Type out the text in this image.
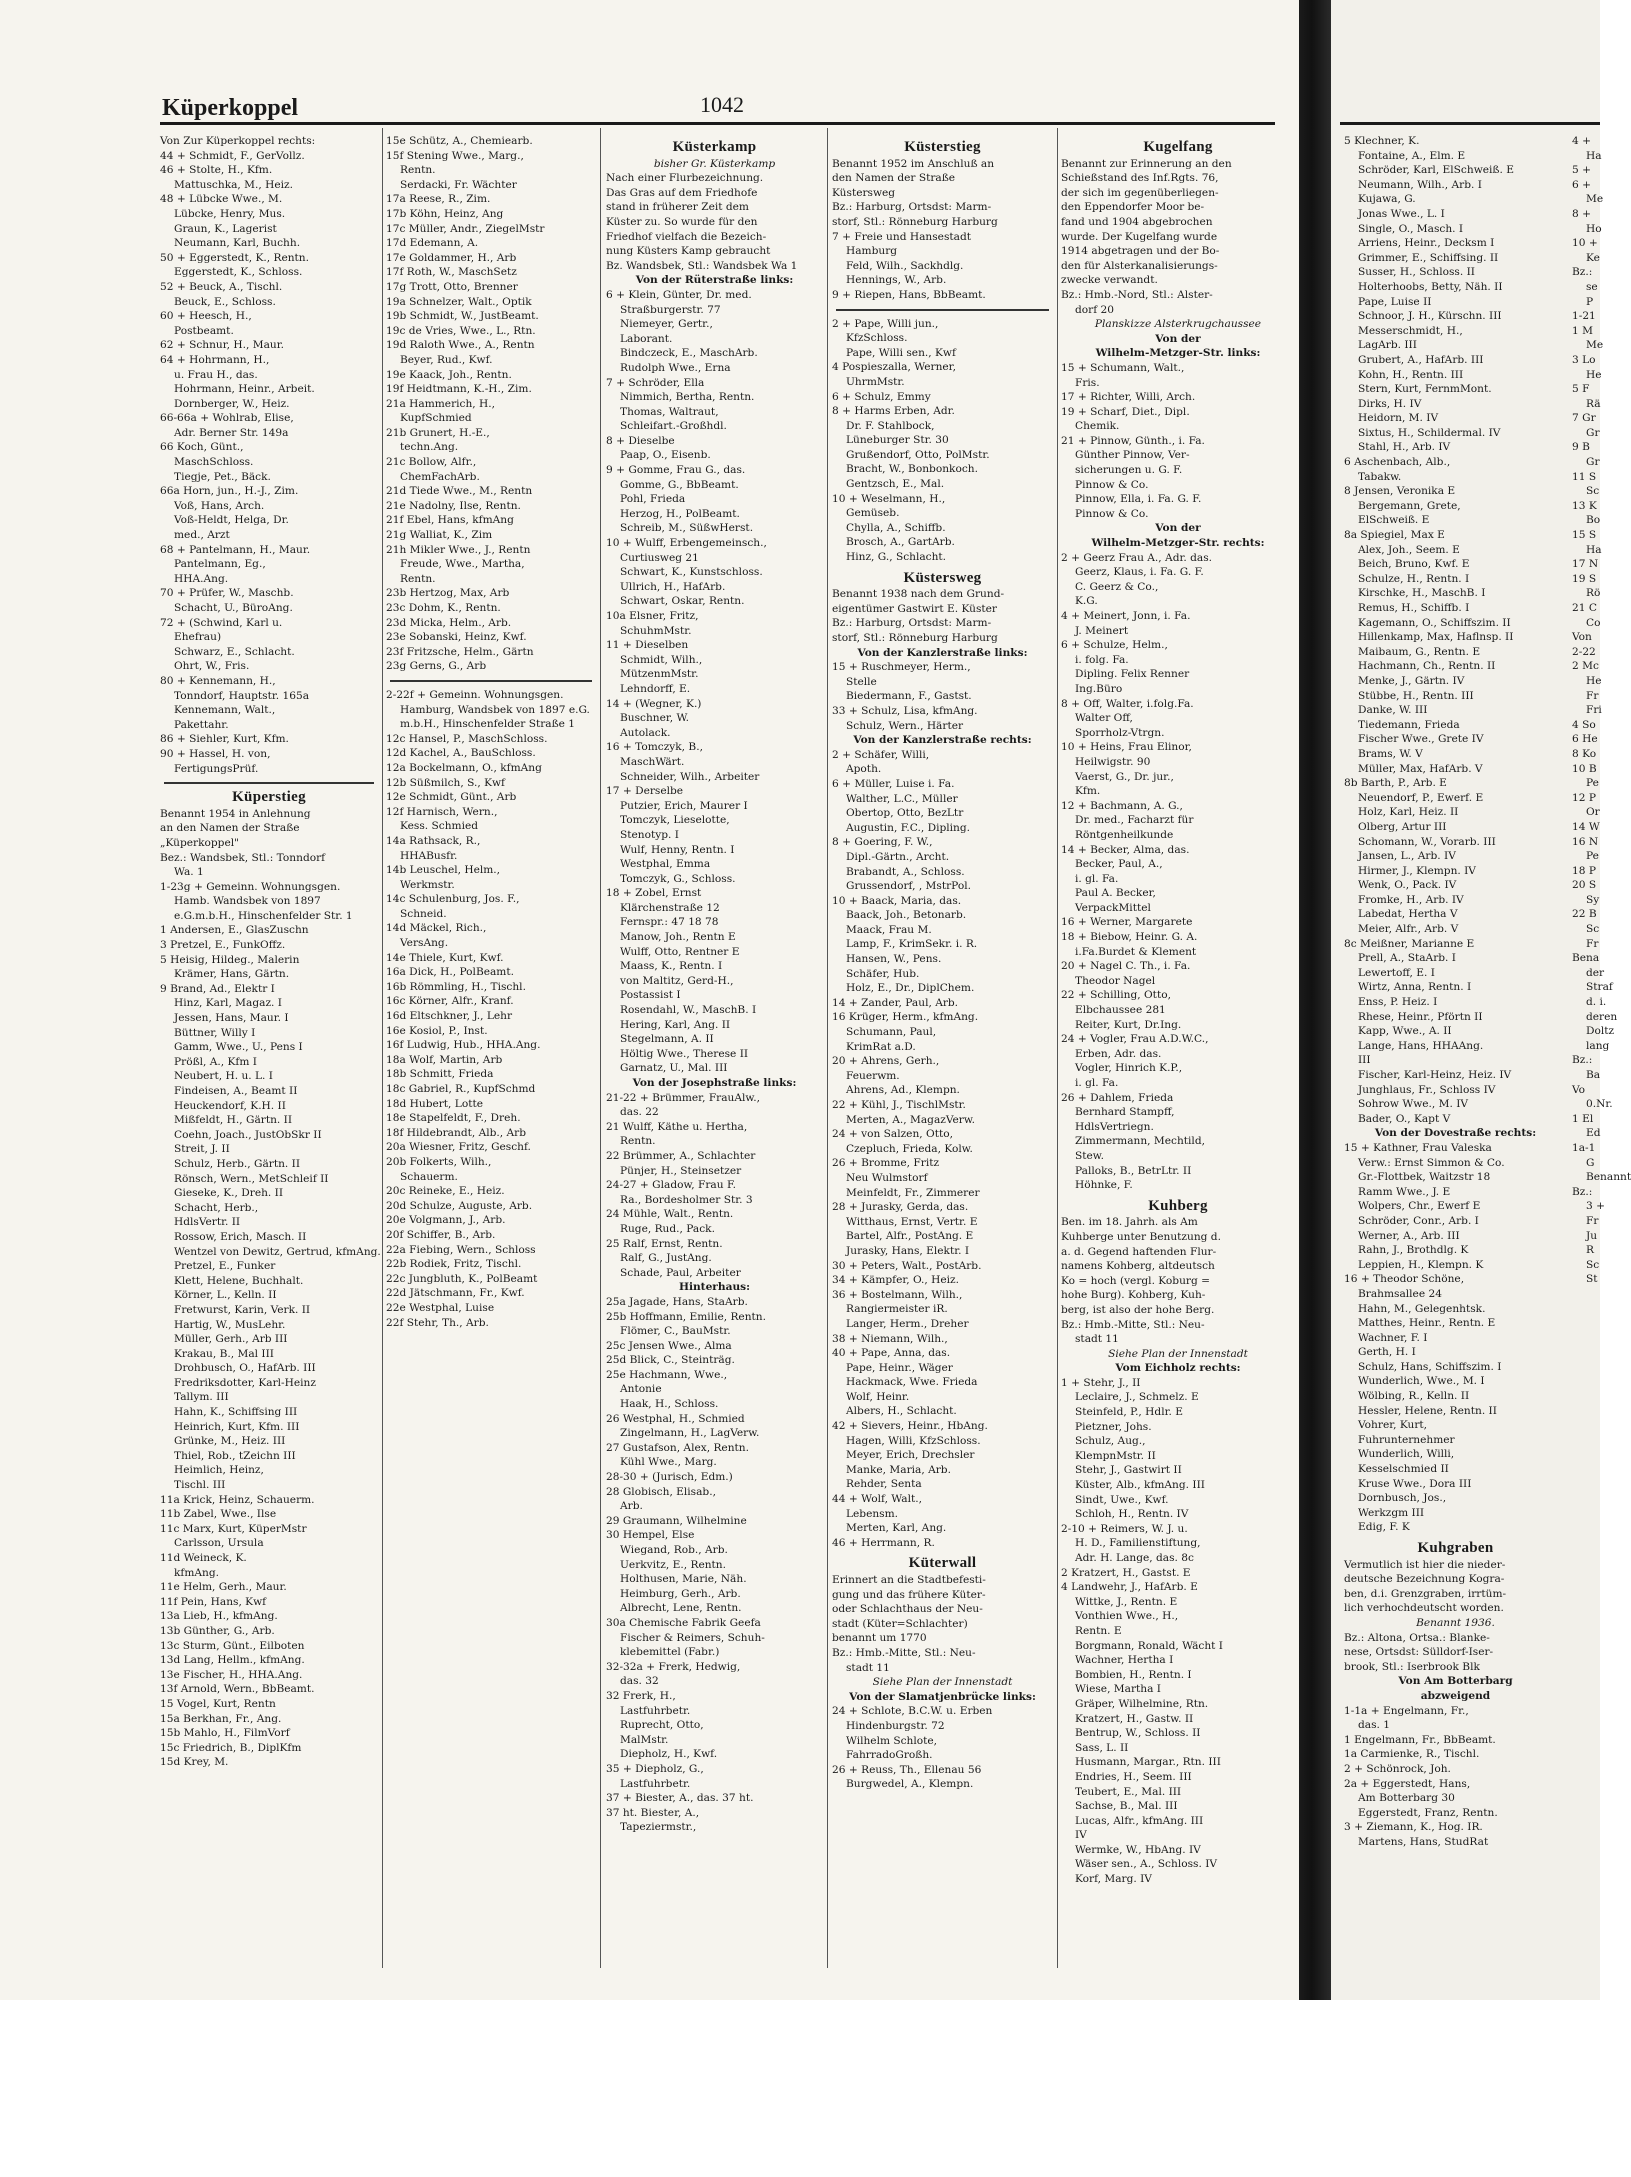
Küperkoppel	1042
Von Zur Küperkoppel rechts:
44 + Schmidt, F., GerVollz.
46 + Stolte, H., Kfm.
Mattuschka, M., Heiz.
48 + Lübcke Wwe., M.
Lübcke, Henry, Mus.
Graun, K., Lagerist
Neumann, Karl, Buchh.
50 + Eggerstedt, K., Rentn.
Eggerstedt, K., Schloss.
52 + Beuck, A., Tischl.
Beuck, E., Schloss.
60 + Heesch, H.,
Postbeamt.
62 + Schnur, H., Maur.
64 + Hohrmann, H.,
u. Frau H., das.
Hohrmann, Heinr., Arbeit.
Dornberger, W., Heiz.
66-66a + Wohlrab, Elise,
Adr. Berner Str. 149a
66 Koch, Günt.,
MaschSchloss.
Tiegje, Pet., Bäck.
66a Horn, jun., H.-J., Zim.
Voß, Hans, Arch.
Voß-Heldt, Helga, Dr.
med., Arzt
68 + Pantelmann, H., Maur.
Pantelmann, Eg.,
HHA.Ang.
70 + Prüfer, W., Maschb.
Schacht, U., BüroAng.
72 + (Schwind, Karl u.
Ehefrau)
Schwarz, E., Schlacht.
Ohrt, W., Fris.
80 + Kennemann, H.,
Tonndorf, Hauptstr. 165a
Kennemann, Walt.,
Pakettahr.
86 + Siehler, Kurt, Kfm.
90 + Hassel, H. von,
FertigungsPrüf.
Küperstieg
Benannt 1954 in Anlehnung
an den Namen der Straße
„Küperkoppel"
Bez.: Wandsbek, Stl.: Tonndorf
Wa. 1
1-23g + Gemeinn. Wohnungsgen.
Hamb. Wandsbek von 1897
e.G.m.b.H., Hinschenfelder Str. 1
1 Andersen, E., GlasZuschn
3 Pretzel, E., FunkOffz.
5 Heisig, Hildeg., Malerin
Krämer, Hans, Gärtn.
9 Brand, Ad., Elektr I
Hinz, Karl, Magaz. I
Jessen, Hans, Maur. I
Büttner, Willy I
Gamm, Wwe., U., Pens I
Prößl, A., Kfm I
Neubert, H. u. L. I
Findeisen, A., Beamt II
Heuckendorf, K.H. II
Mißfeldt, H., Gärtn. II
Coehn, Joach., JustObSkr II
Streit, J. II
Schulz, Herb., Gärtn. II
Rönsch, Wern., MetSchleif II
Gieseke, K., Dreh. II
Schacht, Herb.,
HdlsVertr. II
Rossow, Erich, Masch. II
Wentzel von Dewitz, Gertrud, kfmAng.
Pretzel, E., Funker
Klett, Helene, Buchhalt.
Körner, L., Kelln. II
Fretwurst, Karin, Verk. II
Hartig, W., MusLehr.
Müller, Gerh., Arb III
Krakau, B., Mal III
Drohbusch, O., HafArb. III
Fredriksdotter, Karl-Heinz
Tallym. III
Hahn, K., Schiffsing III
Heinrich, Kurt, Kfm. III
Grünke, M., Heiz. III
Thiel, Rob., tZeichn III
Heimlich, Heinz,
Tischl. III
11a Krick, Heinz, Schauerm.
11b Zabel, Wwe., Ilse
11c Marx, Kurt, KüperMstr
Carlsson, Ursula
11d Weineck, K.
kfmAng.
11e Helm, Gerh., Maur.
11f Pein, Hans, Kwf
13a Lieb, H., kfmAng.
13b Günther, G., Arb.
13c Sturm, Günt., Eilboten
13d Lang, Hellm., kfmAng.
13e Fischer, H., HHA.Ang.
13f Arnold, Wern., BbBeamt.
15 Vogel, Kurt, Rentn
15a Berkhan, Fr., Ang.
15b Mahlo, H., FilmVorf
15c Friedrich, B., DiplKfm
15d Krey, M.
15e Schütz, A., Chemiearb.
15f Stening Wwe., Marg.,
Rentn.
Serdacki, Fr. Wächter
17a Reese, R., Zim.
17b Köhn, Heinz, Ang
17c Müller, Andr., ZiegelMstr
17d Edemann, A.
17e Goldammer, H., Arb
17f Roth, W., MaschSetz
17g Trott, Otto, Brenner
19a Schnelzer, Walt., Optik
19b Schmidt, W., JustBeamt.
19c de Vries, Wwe., L., Rtn.
19d Raloth Wwe., A., Rentn
Beyer, Rud., Kwf.
19e Kaack, Joh., Rentn.
19f Heidtmann, K.-H., Zim.
21a Hammerich, H.,
KupfSchmied
21b Grunert, H.-E.,
techn.Ang.
21c Bollow, Alfr.,
ChemFachArb.
21d Tiede Wwe., M., Rentn
21e Nadolny, Ilse, Rentn.
21f Ebel, Hans, kfmAng
21g Walliat, K., Zim
21h Mikler Wwe., J., Rentn
Freude, Wwe., Martha,
Rentn.
23b Hertzog, Max, Arb
23c Dohm, K., Rentn.
23d Micka, Helm., Arb.
23e Sobanski, Heinz, Kwf.
23f Fritzsche, Helm., Gärtn
23g Gerns, G., Arb
2-22f + Gemeinn. Wohnungsgen.
Hamburg, Wandsbek von 1897 e.G.
m.b.H., Hinschenfelder Straße 1
12c Hansel, P., MaschSchloss.
12d Kachel, A., BauSchloss.
12a Bockelmann, O., kfmAng
12b Süßmilch, S., Kwf
12e Schmidt, Günt., Arb
12f Harnisch, Wern.,
Kess. Schmied
14a Rathsack, R.,
HHABusfr.
14b Leuschel, Helm.,
Werkmstr.
14c Schulenburg, Jos. F.,
Schneid.
14d Mäckel, Rich.,
VersAng.
14e Thiele, Kurt, Kwf.
16a Dick, H., PolBeamt.
16b Römmling, H., Tischl.
16c Körner, Alfr., Kranf.
16d Eltschkner, J., Lehr
16e Kosiol, P., Inst.
16f Ludwig, Hub., HHA.Ang.
18a Wolf, Martin, Arb
18b Schmitt, Frieda
18c Gabriel, R., KupfSchmd
18d Hubert, Lotte
18e Stapelfeldt, F., Dreh.
18f Hildebrandt, Alb., Arb
20a Wiesner, Fritz, Geschf.
20b Folkerts, Wilh.,
Schauerm.
20c Reineke, E., Heiz.
20d Schulze, Auguste, Arb.
20e Volgmann, J., Arb.
20f Schiffer, B., Arb.
22a Fiebing, Wern., Schloss
22b Rodiek, Fritz, Tischl.
22c Jungbluth, K., PolBeamt
22d Jätschmann, Fr., Kwf.
22e Westphal, Luise
22f Stehr, Th., Arb.
Küsterkamp
bisher Gr. Küsterkamp
Nach einer Flurbezeichnung.
Das Gras auf dem Friedhofe
stand in früherer Zeit dem
Küster zu. So wurde für den
Friedhof vielfach die Bezeich-
nung Küsters Kamp gebraucht
Bz. Wandsbek, Stl.: Wandsbek Wa 1
Von der Rüterstraße links:
6 + Klein, Günter, Dr. med.
Straßburgerstr. 77
Niemeyer, Gertr.,
Laborant.
Bindczeck, E., MaschArb.
Rudolph Wwe., Erna
7 + Schröder, Ella
Nimmich, Bertha, Rentn.
Thomas, Waltraut,
Schleifart.-Großhdl.
8 + Dieselbe
Paap, O., Eisenb.
9 + Gomme, Frau G., das.
Gomme, G., BbBeamt.
Pohl, Frieda
Herzog, H., PolBeamt.
Schreib, M., SüßwHerst.
10 + Wulff, Erbengemeinsch.,
Curtiusweg 21
Schwart, K., Kunstschloss.
Ullrich, H., HafArb.
Schwart, Oskar, Rentn.
10a Elsner, Fritz,
SchuhmMstr.
11 + Dieselben
Schmidt, Wilh.,
MützenmMstr.
Lehndorff, E.
14 + (Wegner, K.)
Buschner, W.
Autolack.
16 + Tomczyk, B.,
MaschWärt.
Schneider, Wilh., Arbeiter
17 + Derselbe
Putzier, Erich, Maurer I
Tomczyk, Lieselotte,
Stenotyp. I
Wulf, Henny, Rentn. I
Westphal, Emma
Tomczyk, G., Schloss.
18 + Zobel, Ernst
Klärchenstraße 12
Fernspr.: 47 18 78
Manow, Joh., Rentn E
Wulff, Otto, Rentner E
Maass, K., Rentn. I
von Maltitz, Gerd-H.,
Postassist I
Rosendahl, W., MaschB. I
Hering, Karl, Ang. II
Stegelmann, A. II
Höltig Wwe., Therese II
Garnatz, U., Mal. III
Von der Josephstraße links:
21-22 + Brümmer, FrauAlw.,
das. 22
21 Wulff, Käthe u. Hertha,
Rentn.
22 Brümmer, A., Schlachter
Pünjer, H., Steinsetzer
24-27 + Gladow, Frau F.
Ra., Bordesholmer Str. 3
24 Mühle, Walt., Rentn.
Ruge, Rud., Pack.
25 Ralf, Ernst, Rentn.
Ralf, G., JustAng.
Schade, Paul, Arbeiter
Hinterhaus:
25a Jagade, Hans, StaArb.
25b Hoffmann, Emilie, Rentn.
Flömer, C., BauMstr.
25c Jensen Wwe., Alma
25d Blick, C., Steinträg.
25e Hachmann, Wwe.,
Antonie
Haak, H., Schloss.
26 Westphal, H., Schmied
Zingelmann, H., LagVerw.
27 Gustafson, Alex, Rentn.
Kühl Wwe., Marg.
28-30 + (Jurisch, Edm.)
28 Globisch, Elisab.,
Arb.
29 Graumann, Wilhelmine
30 Hempel, Else
Wiegand, Rob., Arb.
Uerkvitz, E., Rentn.
Holthusen, Marie, Näh.
Heimburg, Gerh., Arb.
Albrecht, Lene, Rentn.
30a Chemische Fabrik Geefa
Fischer & Reimers, Schuh-
klebemittel (Fabr.)
32-32a + Frerk, Hedwig,
das. 32
32 Frerk, H.,
Lastfuhrbetr.
Ruprecht, Otto,
MalMstr.
Diepholz, H., Kwf.
35 + Diepholz, G.,
Lastfuhrbetr.
37 + Biester, A., das. 37 ht.
37 ht. Biester, A.,
Tapeziermstr.,
Küsterstieg
Benannt 1952 im Anschluß an
den Namen der Straße
Küstersweg
Bz.: Harburg, Ortsdst: Marm-
storf, Stl.: Rönneburg Harburg
7 + Freie und Hansestadt
Hamburg
Feld, Wilh., Sackhdlg.
Hennings, W., Arb.
9 + Riepen, Hans, BbBeamt.
2 + Pape, Willi jun.,
KfzSchloss.
Pape, Willi sen., Kwf
4 Pospieszalla, Werner,
UhrmMstr.
6 + Schulz, Emmy
8 + Harms Erben, Adr.
Dr. F. Stahlbock,
Lüneburger Str. 30
Grußendorf, Otto, PolMstr.
Bracht, W., Bonbonkoch.
Gentzsch, E., Mal.
10 + Weselmann, H.,
Gemüseb.
Chylla, A., Schiffb.
Brosch, A., GartArb.
Hinz, G., Schlacht.
Küstersweg
Benannt 1938 nach dem Grund-
eigentümer Gastwirt E. Küster
Bz.: Harburg, Ortsdst: Marm-
storf, Stl.: Rönneburg Harburg
Von der Kanzlerstraße links:
15 + Ruschmeyer, Herm.,
Stelle
Biedermann, F., Gastst.
33 + Schulz, Lisa, kfmAng.
Schulz, Wern., Härter
Von der Kanzlerstraße rechts:
2 + Schäfer, Willi,
Apoth.
6 + Müller, Luise i. Fa.
Walther, L.C., Müller
Obertop, Otto, BezLtr
Augustin, F.C., Dipling.
8 + Goering, F. W.,
Dipl.-Gärtn., Archt.
Brabandt, A., Schloss.
Grussendorf, , MstrPol.
10 + Baack, Maria, das.
Baack, Joh., Betonarb.
Maack, Frau M.
Lamp, F., KrimSekr. i. R.
Hansen, W., Pens.
Schäfer, Hub.
Holz, E., Dr., DiplChem.
14 + Zander, Paul, Arb.
16 Krüger, Herm., kfmAng.
Schumann, Paul,
KrimRat a.D.
20 + Ahrens, Gerh.,
Feuerwm.
Ahrens, Ad., Klempn.
22 + Kühl, J., TischlMstr.
Merten, A., MagazVerw.
24 + von Salzen, Otto,
Czepluch, Frieda, Kolw.
26 + Bromme, Fritz
Neu Wulmstorf
Meinfeldt, Fr., Zimmerer
28 + Jurasky, Gerda, das.
Witthaus, Ernst, Vertr. E
Bartel, Alfr., PostAng. E
Jurasky, Hans, Elektr. I
30 + Peters, Walt., PostArb.
34 + Kämpfer, O., Heiz.
36 + Bostelmann, Wilh.,
Rangiermeister iR.
Langer, Herm., Dreher
38 + Niemann, Wilh.,
40 + Pape, Anna, das.
Pape, Heinr., Wäger
Hackmack, Wwe. Frieda
Wolf, Heinr.
Albers, H., Schlacht.
42 + Sievers, Heinr., HbAng.
Hagen, Willi, KfzSchloss.
Meyer, Erich, Drechsler
Manke, Maria, Arb.
Rehder, Senta
44 + Wolf, Walt.,
Lebensm.
Merten, Karl, Ang.
46 + Herrmann, R.
Küterwall
Erinnert an die Stadtbefesti-
gung und das frühere Küter-
oder Schlachthaus der Neu-
stadt (Küter=Schlachter)
benannt um 1770
Bz.: Hmb.-Mitte, Stl.: Neu-
stadt 11
Siehe Plan der Innenstadt
Von der Slamatjenbrücke links:
24 + Schlote, B.C.W. u. Erben
Hindenburgstr. 72
Wilhelm Schlote,
FahrradoGroßh.
26 + Reuss, Th., Ellenau 56
Burgwedel, A., Klempn.
Kugelfang
Benannt zur Erinnerung an den
Schießstand des Inf.Rgts. 76,
der sich im gegenüberliegen-
den Eppendorfer Moor be-
fand und 1904 abgebrochen
wurde. Der Kugelfang wurde
1914 abgetragen und der Bo-
den für Alsterkanalisierungs-
zwecke verwandt.
Bz.: Hmb.-Nord, Stl.: Alster-
dorf 20
Planskizze Alsterkrugchaussee
Von der
Wilhelm-Metzger-Str. links:
15 + Schumann, Walt.,
Fris.
17 + Richter, Willi, Arch.
19 + Scharf, Diet., Dipl.
Chemik.
21 + Pinnow, Günth., i. Fa.
Günther Pinnow, Ver-
sicherungen u. G. F.
Pinnow & Co.
Pinnow, Ella, i. Fa. G. F.
Pinnow & Co.
Von der
Wilhelm-Metzger-Str. rechts:
2 + Geerz Frau A., Adr. das.
Geerz, Klaus, i. Fa. G. F.
C. Geerz & Co.,
K.G.
4 + Meinert, Jonn, i. Fa.
J. Meinert
6 + Schulze, Helm.,
i. folg. Fa.
Dipling. Felix Renner
Ing.Büro
8 + Off, Walter, i.folg.Fa.
Walter Off,
Sporrholz-Vtrgn.
10 + Heins, Frau Elinor,
Heilwigstr. 90
Vaerst, G., Dr. jur.,
Kfm.
12 + Bachmann, A. G.,
Dr. med., Facharzt für
Röntgenheilkunde
14 + Becker, Alma, das.
Becker, Paul, A.,
i. gl. Fa.
Paul A. Becker,
VerpackMittel
16 + Werner, Margarete
18 + Biebow, Heinr. G. A.
i.Fa.Burdet & Klement
20 + Nagel C. Th., i. Fa.
Theodor Nagel
22 + Schilling, Otto,
Elbchaussee 281
Reiter, Kurt, Dr.Ing.
24 + Vogler, Frau A.D.W.C.,
Erben, Adr. das.
Vogler, Hinrich K.P.,
i. gl. Fa.
26 + Dahlem, Frieda
Bernhard Stampff,
HdlsVertriegn.
Zimmermann, Mechtild,
Stew.
Palloks, B., BetrLtr. II
Höhnke, F.
Kuhberg
Ben. im 18. Jahrh. als Am
Kuhberge unter Benutzung d.
a. d. Gegend haftenden Flur-
namens Kohberg, altdeutsch
Ko = hoch (vergl. Koburg =
hohe Burg). Kohberg, Kuh-
berg, ist also der hohe Berg.
Bz.: Hmb.-Mitte, Stl.: Neu-
stadt 11
Siehe Plan der Innenstadt
Vom Eichholz rechts:
1 + Stehr, J., II
Leclaire, J., Schmelz. E
Steinfeld, P., Hdlr. E
Pietzner, Johs.
Schulz, Aug.,
KlempnMstr. II
Stehr, J., Gastwirt II
Küster, Alb., kfmAng. III
Sindt, Uwe., Kwf.
Schloh, H., Rentn. IV
2-10 + Reimers, W. J. u.
H. D., Familienstiftung,
Adr. H. Lange, das. 8c
2 Kratzert, H., Gastst. E
4 Landwehr, J., HafArb. E
Wittke, J., Rentn. E
Vonthien Wwe., H.,
Rentn. E
Borgmann, Ronald, Wächt I
Wachner, Hertha I
Bombien, H., Rentn. I
Wiese, Martha I
Gräper, Wilhelmine, Rtn.
Kratzert, H., Gastw. II
Bentrup, W., Schloss. II
Sass, L. II
Husmann, Margar., Rtn. III
Endries, H., Seem. III
Teubert, E., Mal. III
Sachse, B., Mal. III
Lucas, Alfr., kfmAng. III
IV
Wermke, W., HbAng. IV
Wäser sen., A., Schloss. IV
Korf, Marg. IV
5 Klechner, K.
Fontaine, A., Elm. E
Schröder, Karl, ElSchweiß. E
Neumann, Wilh., Arb. I
Kujawa, G.
Jonas Wwe., L. I
Single, O., Masch. I
Arriens, Heinr., Decksm I
Grimmer, E., Schiffsing. II
Susser, H., Schloss. II
Holterhoobs, Betty, Näh. II
Pape, Luise II
Schnoor, J. H., Kürschn. III
Messerschmidt, H.,
LagArb. III
Grubert, A., HafArb. III
Kohn, H., Rentn. III
Stern, Kurt, FernmMont.
Dirks, H. IV
Heidorn, M. IV
Sixtus, H., Schildermal. IV
Stahl, H., Arb. IV
6 Aschenbach, Alb.,
Tabakw.
8 Jensen, Veronika E
Bergemann, Grete,
ElSchweiß. E
8a Spiegiel, Max E
Alex, Joh., Seem. E
Beich, Bruno, Kwf. E
Schulze, H., Rentn. I
Kirschke, H., MaschB. I
Remus, H., Schiffb. I
Kagemann, O., Schiffszim. II
Hillenkamp, Max, Haflnsp. II
Maibaum, G., Rentn. E
Hachmann, Ch., Rentn. II
Menke, J., Gärtn. IV
Stübbe, H., Rentn. III
Danke, W. III
Tiedemann, Frieda
Fischer Wwe., Grete IV
Brams, W. V
Müller, Max, HafArb. V
8b Barth, P., Arb. E
Neuendorf, P., Ewerf. E
Holz, Karl, Heiz. II
Olberg, Artur III
Schomann, W., Vorarb. III
Jansen, L., Arb. IV
Hirmer, J., Klempn. IV
Wenk, O., Pack. IV
Fromke, H., Arb. IV
Labedat, Hertha V
Meier, Alfr., Arb. V
8c Meißner, Marianne E
Prell, A., StaArb. I
Lewertoff, E. I
Wirtz, Anna, Rentn. I
Enss, P. Heiz. I
Rhese, Heinr., Pförtn II
Kapp, Wwe., A. II
Lange, Hans, HHAAng.
III
Fischer, Karl-Heinz, Heiz. IV
Junghlaus, Fr., Schloss IV
Sohrow Wwe., M. IV
Bader, O., Kapt V
Von der Dovestraße rechts:
15 + Kathner, Frau Valeska
Verw.: Ernst Simmon & Co.
Gr.-Flottbek, Waitzstr 18
Ramm Wwe., J. E
Wolpers, Chr., Ewerf E
Schröder, Conr., Arb. I
Werner, A., Arb. III
Rahn, J., Brothdlg. K
Leppien, H., Klempn. K
16 + Theodor Schöne,
Brahmsallee 24
Hahn, M., Gelegenhtsk.
Matthes, Heinr., Rentn. E
Wachner, F. I
Gerth, H. I
Schulz, Hans, Schiffszim. I
Wunderlich, Wwe., M. I
Wölbing, R., Kelln. II
Hessler, Helene, Rentn. II
Vohrer, Kurt,
Fuhrunternehmer
Wunderlich, Willi,
Kesselschmied II
Kruse Wwe., Dora III
Dornbusch, Jos.,
Werkzgm III
Edig, F. K
Kuhgraben
Vermutlich ist hier die nieder-
deutsche Bezeichnung Kogra-
ben, d.i. Grenzgraben, irrtüm-
lich verhochdeutscht worden.
Benannt 1936.
Bz.: Altona, Ortsa.: Blanke-
nese, Ortsdst: Sülldorf-Iser-
brook, Stl.: Iserbrook Blk
Von Am Botterbarg
abzweigend
1-1a + Engelmann, Fr.,
das. 1
1 Engelmann, Fr., BbBeamt.
1a Carmienke, R., Tischl.
2 + Schönrock, Joh.
2a + Eggerstedt, Hans,
Am Botterbarg 30
Eggerstedt, Franz, Rentn.
3 + Ziemann, K., Hog. IR.
Martens, Hans, StudRat
4 +
Ha
5 +
6 +
Me
8 +
Ho
10 +
Ke
Bz.:
se
P
1-21
1 M
Me
3 Lo
He
5 F
Rä
7 Gr
Gr
9 B
Gr
11 S
Sc
13 K
Bo
15 S
Ha
17 N
19 S
Rö
21 C
Co
Von
2-22
2 Mc
He
Fr
Fri
4 So
6 He
8 Ko
10 B
Pe
12 P
Or
14 W
16 N
Pe
18 P
20 S
Sy
22 B
Sc
Fr
Bena
der
Straf
d. i.
deren
Doltz
lang
Bz.:
Ba
Vo
0.Nr.
1 El
Ed
1a-1
G
Benannt
Bz.:
3 +
Fr
Ju
R
Sc
St
